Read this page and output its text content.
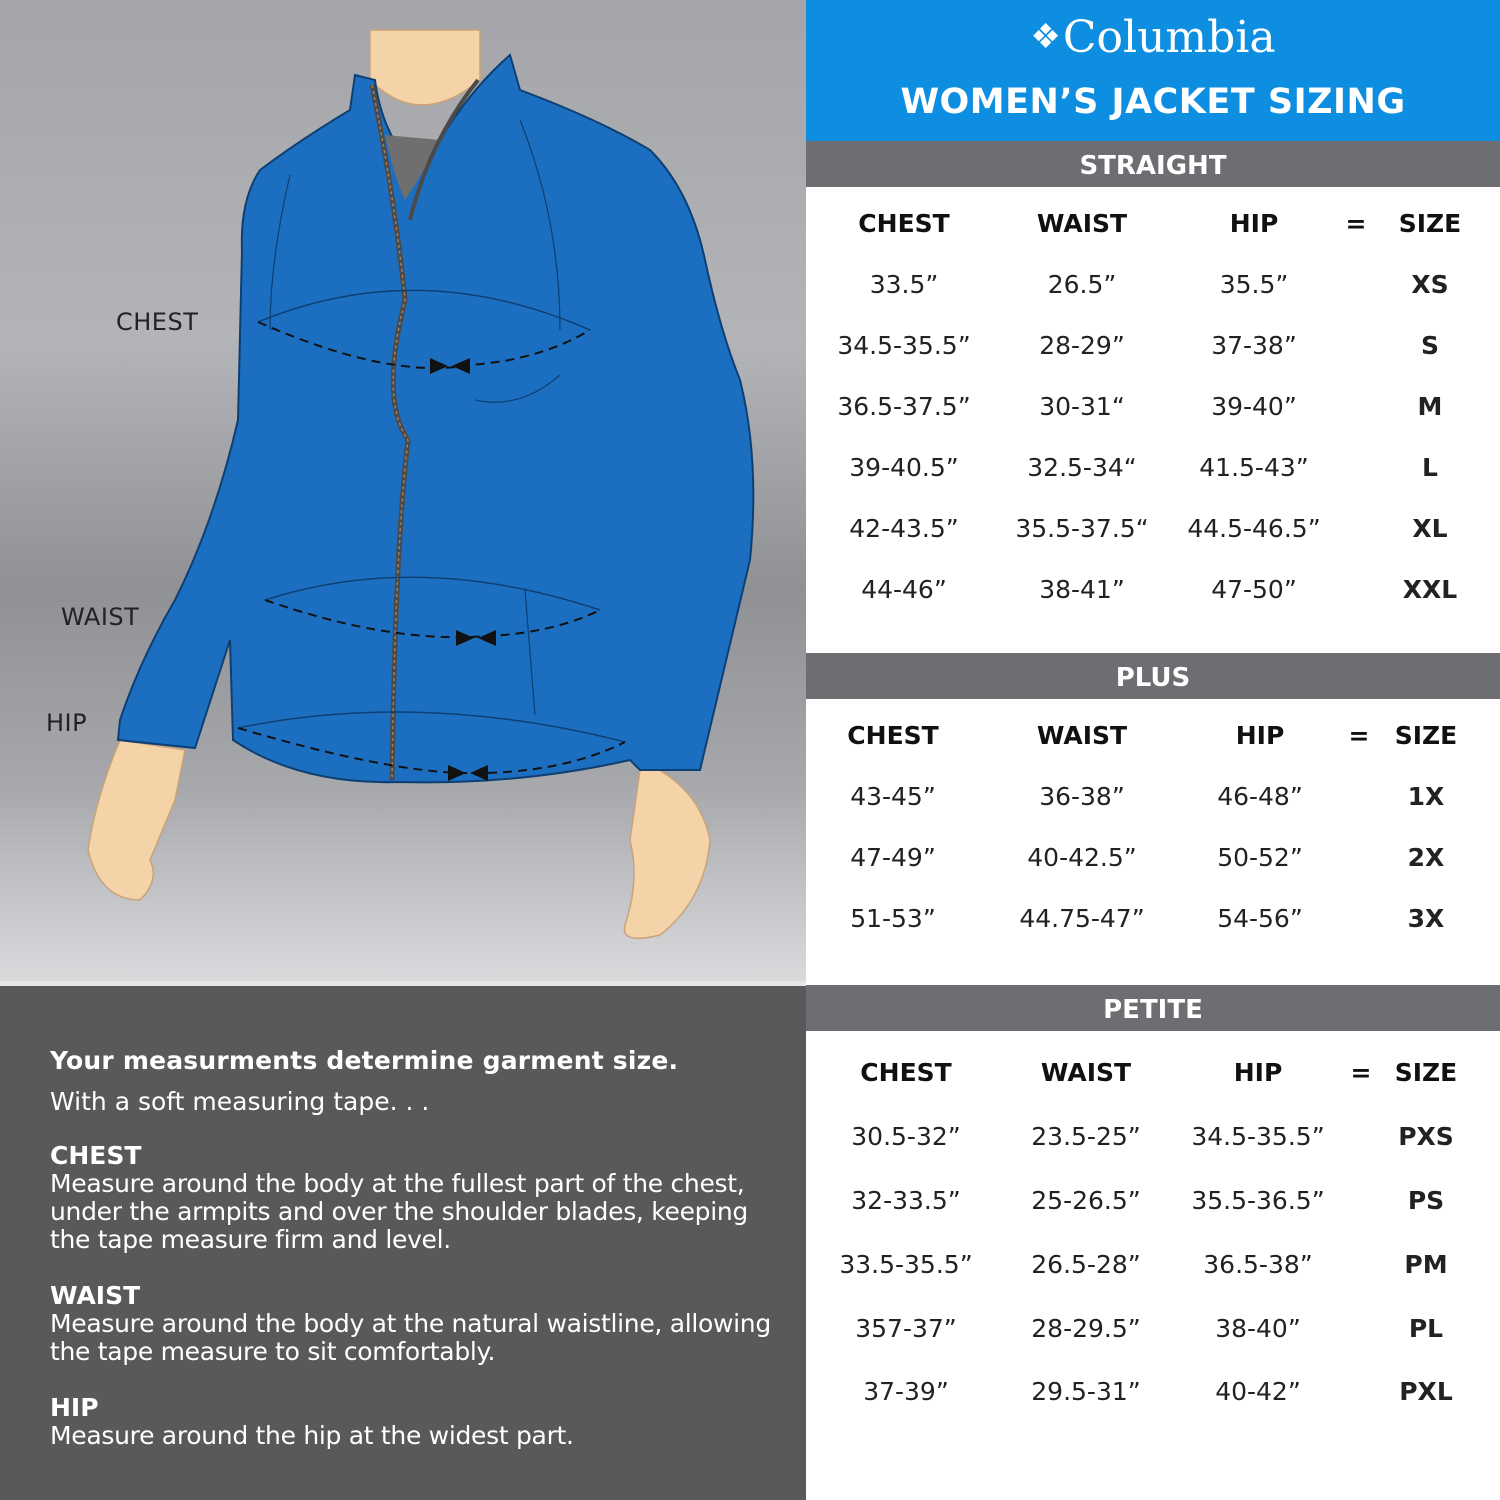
CHEST
WAIST
HIP
Your measurments determine garment size.
With a soft measuring tape. . .
CHEST
Measure around the body at the fullest part of the chest, under the armpits and over the shoulder blades, keeping the tape measure firm and level.
WAIST
Measure around the body at the natural waistline, allowing the tape measure to sit comfortably.
HIP
Measure around the hip at the widest part.
❖Columbia
WOMEN’S JACKET SIZING
STRAIGHT
CHEST	WAIST	HIP	=	SIZE
33.5”	26.5”	35.5”	XS
34.5-35.5”	28-29”	37-38”	S
36.5-37.5”	30-31“	39-40”	M
39-40.5”	32.5-34“	41.5-43”	L
42-43.5”	35.5-37.5“	44.5-46.5”	XL
44-46”	38-41”	47-50”	XXL
PLUS
CHEST	WAIST	HIP	=	SIZE
43-45”	36-38”	46-48”	1X
47-49”	40-42.5”	50-52”	2X
51-53”	44.75-47”	54-56”	3X
PETITE
CHEST	WAIST	HIP	= SIZE
30.5-32”	23.5-25”	34.5-35.5”	PXS
32-33.5”	25-26.5”	35.5-36.5”	PS
33.5-35.5”	26.5-28”	36.5-38”	PM
357-37”	28-29.5”	38-40”	PL
37-39”	29.5-31”	40-42”	PXL
